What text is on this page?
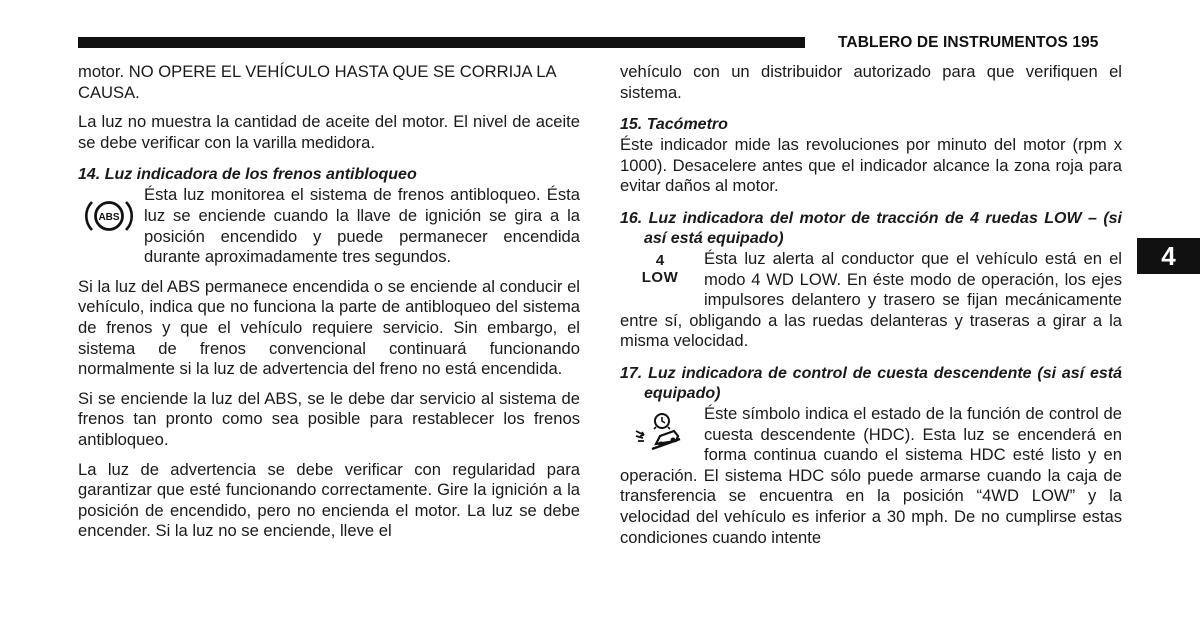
TABLERO DE INSTRUMENTOS 195
4

motor. NO OPERE EL VEHÍCULO HASTA QUE SE CORRIJA LA CAUSA.

La luz no muestra la cantidad de aceite del motor. El nivel de aceite se debe verificar con la varilla medidora.

14. Luz indicadora de los frenos antibloqueo
ABS

Ésta luz monitorea el sistema de frenos antibloqueo. Ésta luz se enciende cuando la llave de ignición se gira a la posición encendido y puede permanecer encendida durante aproximadamente tres segundos.

Si la luz del ABS permanece encendida o se enciende al conducir el vehículo, indica que no funciona la parte de antibloqueo del sistema de frenos y que el vehículo requiere servicio. Sin embargo, el sistema de frenos convencional continuará funcionando normalmente si la luz de advertencia del freno no está encendida.

Si se enciende la luz del ABS, se le debe dar servicio al sistema de frenos tan pronto como sea posible para restablecer los frenos antibloqueo.

La luz de advertencia se debe verificar con regularidad para garantizar que esté funcionando correctamente. Gire la ignición a la posición de encendido, pero no encienda el motor. La luz se debe encender. Si la luz no se enciende, lleve el

vehículo con un distribuidor autorizado para que verifiquen el sistema.

15. Tacómetro

Éste indicador mide las revoluciones por minuto del motor (rpm x 1000). Desacelere antes que el indicador alcance la zona roja para evitar daños al motor.

16. Luz indicadora del motor de tracción de 4 ruedas LOW – (si así está equipado)
4
LOW

Ésta luz alerta al conductor que el vehículo está en el modo 4 WD LOW. En éste modo de operación, los ejes impulsores delantero y trasero se fijan mecánicamente entre sí, obligando a las ruedas delanteras y traseras a girar a la misma velocidad.

17. Luz indicadora de control de cuesta descendente (si así está equipado)

Éste símbolo indica el estado de la función de control de cuesta descendente (HDC). Esta luz se encenderá en forma continua cuando el sistema HDC esté listo y en operación. El sistema HDC sólo puede armarse cuando la caja de transferencia se encuentra en la posición “4WD LOW” y la velocidad del vehículo es inferior a 30 mph. De no cumplirse estas condiciones cuando intente
